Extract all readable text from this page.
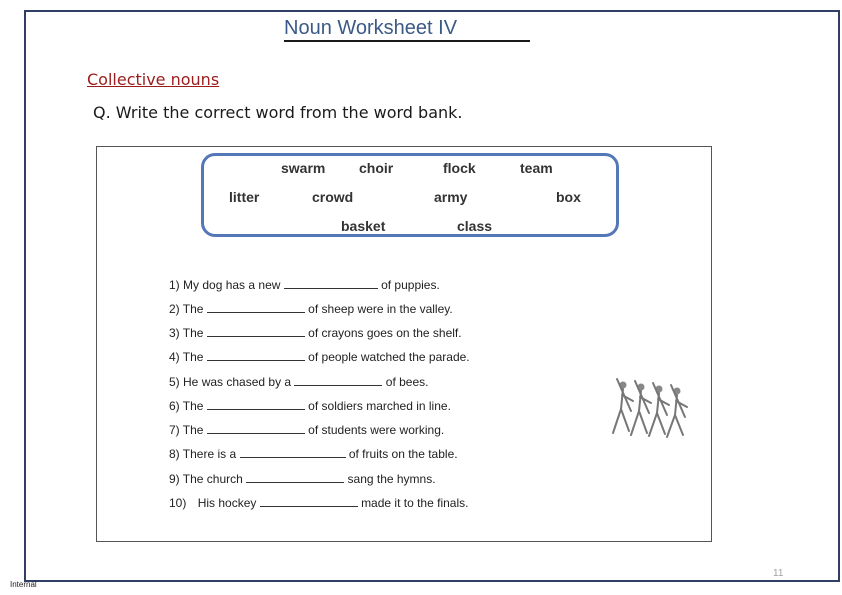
Noun Worksheet IV
Collective nouns
Q. Write the correct word from the word bank.
swarm choir	flock	team
litter	crowd	army	box
basket	class
1) My dog has a new	of puppies.
2) The	of sheep were in the valley.
3) The	of crayons goes on the shelf.
4) The	of people watched the parade.
5) He was chased by a	of bees.
6) The	of soldiers marched in line.
7) The	of students were working.
8) There is a	of fruits on the table.
9) The church	sang the hymns.
10) His hockey	made it to the finals.
11
Internal
